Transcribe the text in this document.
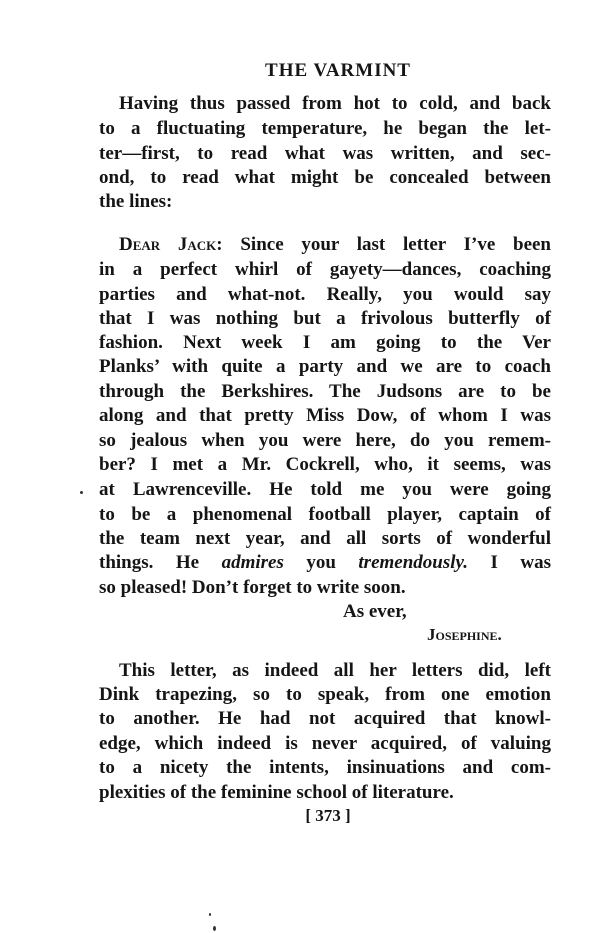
THE VARMINT
Having thus passed from hot to cold, and back
to a fluctuating temperature, he began the let-
ter—first, to read what was written, and sec-
ond, to read what might be concealed between
the lines:
Dear Jack: Since your last letter I’ve been
in a perfect whirl of gayety—dances, coaching
parties and what-not. Really, you would say
that I was nothing but a frivolous butterfly of
fashion. Next week I am going to the Ver
Planks’ with quite a party and we are to coach
through the Berkshires. The Judsons are to be
along and that pretty Miss Dow, of whom I was
so jealous when you were here, do you remem-
ber? I met a Mr. Cockrell, who, it seems, was
at Lawrenceville. He told me you were going
to be a phenomenal football player, captain of
the team next year, and all sorts of wonderful
things. He admires you tremendously. I was
so pleased! Don’t forget to write soon.
As ever,
Josephine.
This letter, as indeed all her letters did, left
Dink trapezing, so to speak, from one emotion
to another. He had not acquired that knowl-
edge, which indeed is never acquired, of valuing
to a nicety the intents, insinuations and com-
plexities of the feminine school of literature.
[ 373 ]
